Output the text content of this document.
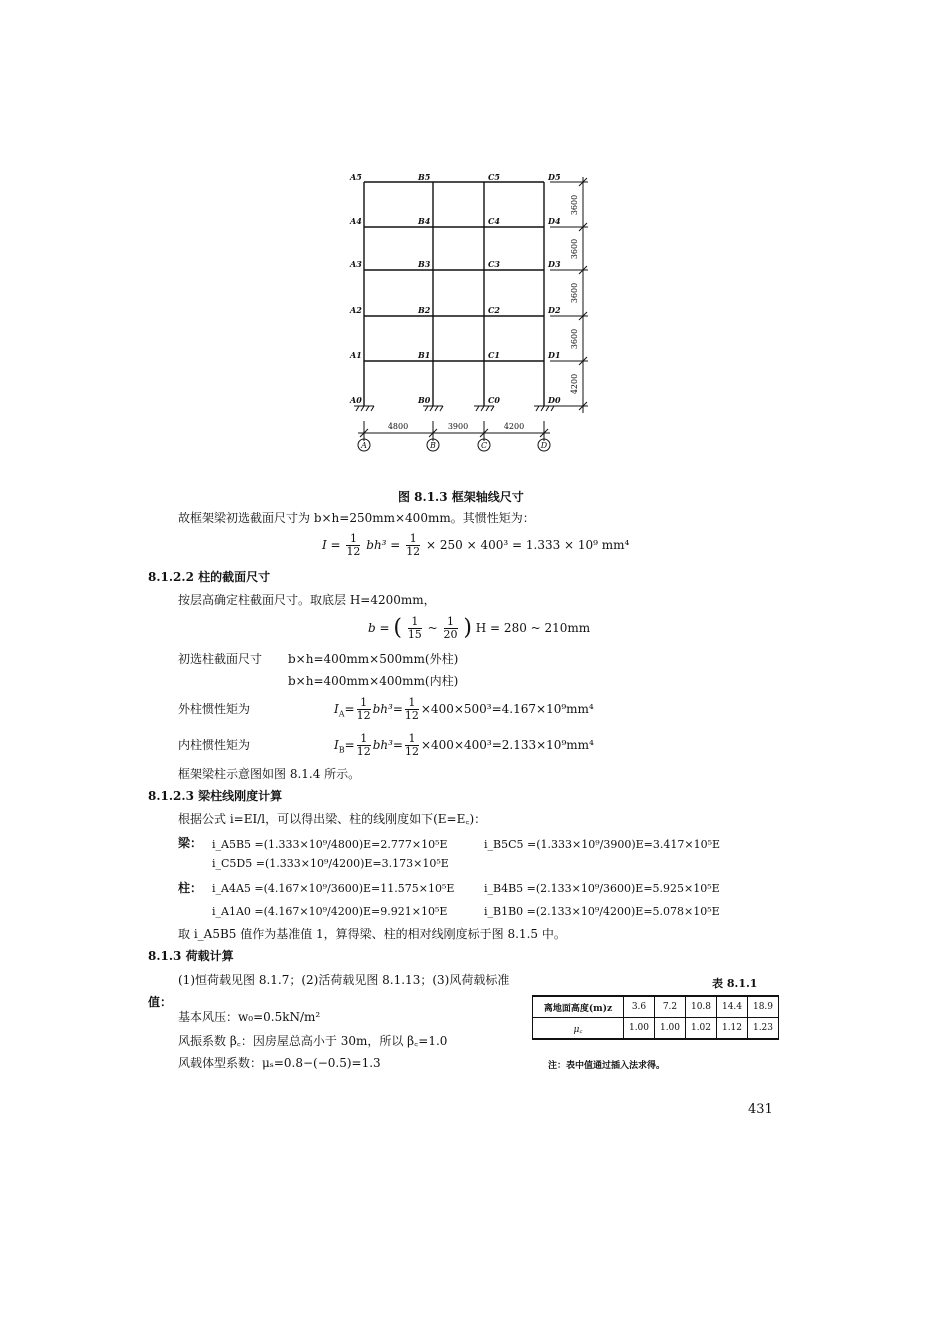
A	B	C	D
4800	3900	4200
3600
3600
3600
3600
4200
A5
A4
A3
A2
A1
A0
B5
B4
B3
B2
B1
B0
C5
C4
C3
C2
C1
C0
D5
D4
D3
D2
D1
D0
图 8.1.3 框架轴线尺寸
故框架梁初选截面尺寸为 b×h=250mm×400mm。其惯性矩为：
$I = \frac{1}{12} bh^3 = \frac{1}{12} \times 250 \times 400^3 = 1.333 \times 10^9$ mm⁴
8.1.2.2 柱的截面尺寸
按层高确定柱截面尺寸。取底层 H=4200mm，
b = ( $\frac{1}{15}$ ~ $\frac{1}{20}$ ) H = 280 ~ 210mm
初选柱截面尺寸 b×h=400mm×500mm(外柱)
b×h=400mm×400mm(内柱)
外柱惯性矩为	$I_A= \frac{1}{12} bh^3= \frac{1}{12} \times 400\times 500^3=4.167\times 10^9mm^4$
内柱惯性矩为	$I_B= \frac{1}{12} bh^3= \frac{1}{12} \times 400\times 400^3=2.133\times 10^9mm^4$
框架梁柱示意图如图 8.1.4 所示。
8.1.2.3 梁柱线刚度计算
根据公式 i=EI/l，可以得出梁、柱的线刚度如下(E=E꜀)：
梁： i_A5B5 =(1.333×10⁹/4800)E=2.777×10⁵E	i_B5C5 =(1.333×10⁹/3900)E=3.417×10⁵E
i_C5D5 =(1.333×10⁹/4200)E=3.173×10⁵E
柱： i_A4A5 =(4.167×10⁹/3600)E=11.575×10⁵E	i_B4B5 =(2.133×10⁹/3600)E=5.925×10⁵E
i_A1A0 =(4.167×10⁹/4200)E=9.921×10⁵E	i_B1B0 =(2.133×10⁹/4200)E=5.078×10⁵E
取 i_A5B5 值作为基准值 1，算得梁、柱的相对线刚度标于图 8.1.5 中。
8.1.3 荷载计算
(1)恒荷载见图 8.1.7；(2)活荷载见图 8.1.13；(3)风荷载标准
值：
基本风压：w₀=0.5kN/m²
风振系数 β꜀：因房屋总高小于 30m，所以 β꜀=1.0
风载体型系数：μₛ=0.8−(−0.5)=1.3
表 8.1.1
离地面高度(m)z	3.6	7.2	10.8	14.4	18.9
μ꜀	1.00	1.00	1.02	1.12	1.23
注：表中值通过插入法求得。
431
